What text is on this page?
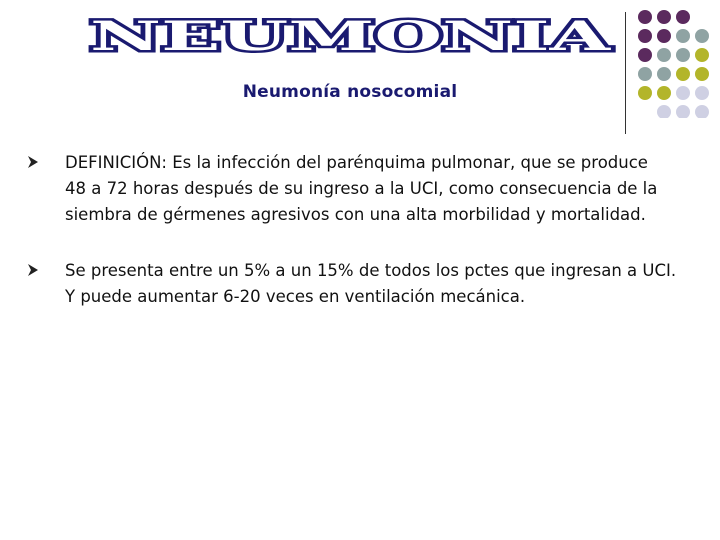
NEUMONIA
Neumonía nosocomial
DEFINICIÓN: Es la infección del parénquima pulmonar, que se produce
48 a 72 horas después de su ingreso a la UCI, como consecuencia de la
siembra de gérmenes agresivos con una alta morbilidad y mortalidad.
Se presenta entre un 5% a un 15% de todos los pctes que ingresan a UCI.
Y puede aumentar 6-20 veces en ventilación mecánica.
